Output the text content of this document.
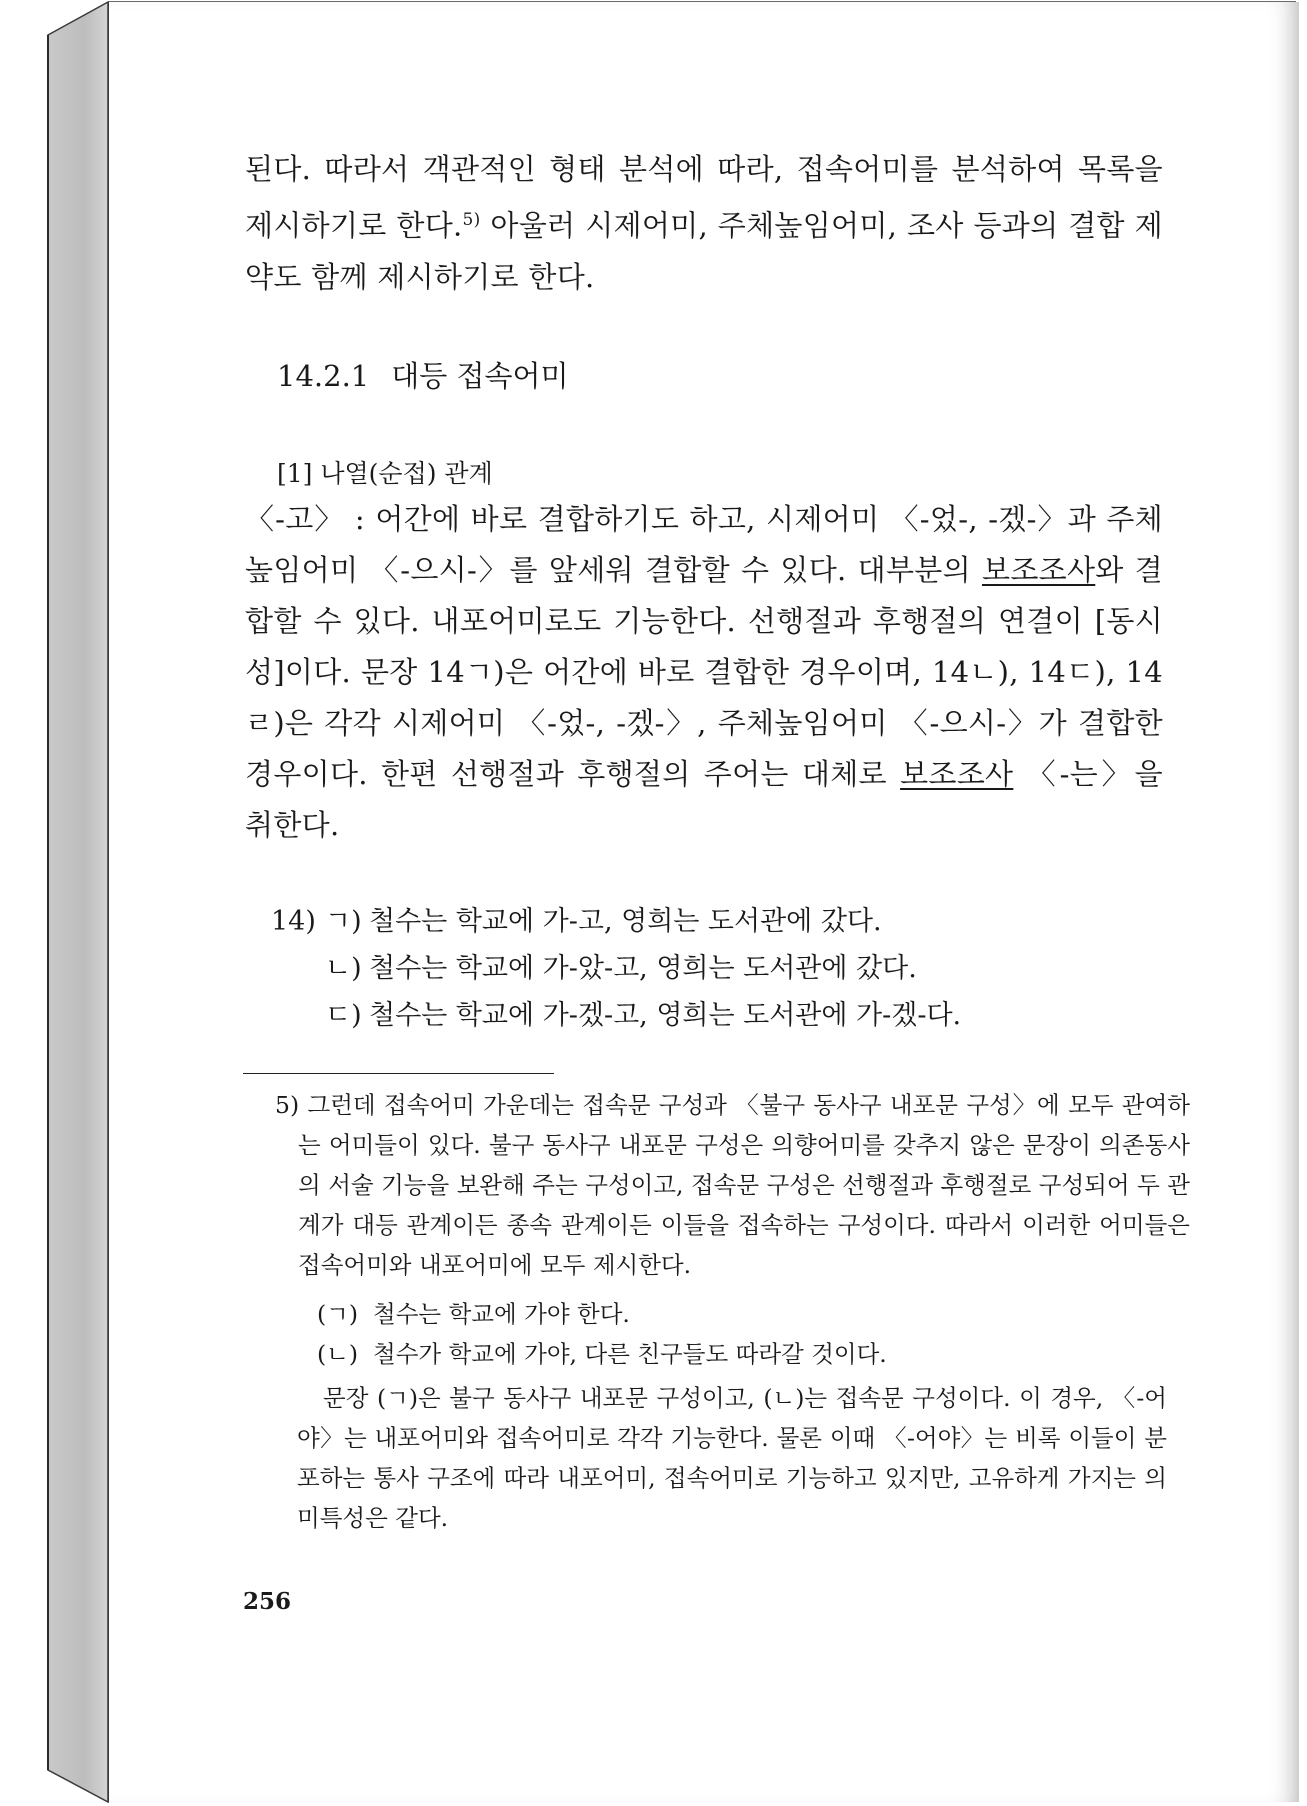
된다. 따라서 객관적인 형태 분석에 따라, 접속어미를 분석하여 목록을 제시하기로 한다.$^{5)}$ 아울러 시제어미, 주체높임어미, 조사 등과의 결합 제약도 함께 제시하기로 한다.

14.2.1 대등 접속어미
[1] 나열(순접) 관계

〈-고〉 : 어간에 바로 결합하기도 하고, 시제어미 〈-었-, -겠-〉과 주체높임어미 〈-으시-〉를 앞세워 결합할 수 있다. 대부분의 보조조사와 결합할 수 있다. 내포어미로도 기능한다. 선행절과 후행절의 연결이 [동시성]이다. 문장 14ㄱ)은 어간에 바로 결합한 경우이며, 14ㄴ), 14ㄷ), 14ㄹ)은 각각 시제어미 〈-었-, -겠-〉, 주체높임어미 〈-으시-〉가 결합한 경우이다. 한편 선행절과 후행절의 주어는 대체로 보조조사 〈-는〉을 취한다.

14) ㄱ) 철수는 학교에 가-고, 영희는 도서관에 갔다.
ㄴ) 철수는 학교에 가-았-고, 영희는 도서관에 갔다.
ㄷ) 철수는 학교에 가-겠-고, 영희는 도서관에 가-겠-다.

5) 그런데 접속어미 가운데는 접속문 구성과 〈불구 동사구 내포문 구성〉에 모두 관여하는 어미들이 있다. 불구 동사구 내포문 구성은 의향어미를 갖추지 않은 문장이 의존동사의 서술 기능을 보완해 주는 구성이고, 접속문 구성은 선행절과 후행절로 구성되어 두 관계가 대등 관계이든 종속 관계이든 이들을 접속하는 구성이다. 따라서 이러한 어미들은 접속어미와 내포어미에 모두 제시한다.

(ㄱ) 철수는 학교에 가야 한다.
(ㄴ) 철수가 학교에 가야, 다른 친구들도 따라갈 것이다.

문장 (ㄱ)은 불구 동사구 내포문 구성이고, (ㄴ)는 접속문 구성이다. 이 경우, 〈-어야〉는 내포어미와 접속어미로 각각 기능한다. 물론 이때 〈-어야〉는 비록 이들이 분포하는 통사 구조에 따라 내포어미, 접속어미로 기능하고 있지만, 고유하게 가지는 의미특성은 같다.

256
